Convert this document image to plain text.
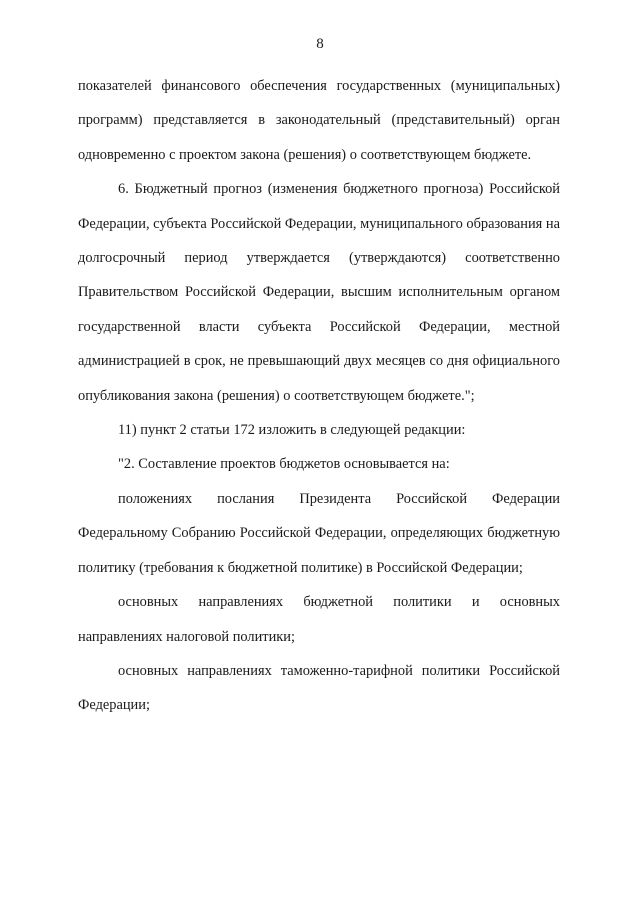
8

показателей финансового обеспечения государственных (муниципальных) программ) представляется в законодательный (представительный) орган одновременно с проектом закона (решения) о соответствующем бюджете.

6. Бюджетный прогноз (изменения бюджетного прогноза) Российской Федерации, субъекта Российской Федерации, муниципального образования на долгосрочный период утверждается (утверждаются) соответственно Правительством Российской Федерации, высшим исполнительным органом государственной власти субъекта Российской Федерации, местной администрацией в срок, не превышающий двух месяцев со дня официального опубликования закона (решения) о соответствующем бюджете.";

11) пункт 2 статьи 172 изложить в следующей редакции:

"2. Составление проектов бюджетов основывается на:

положениях послания Президента Российской Федерации Федеральному Собранию Российской Федерации, определяющих бюджетную политику (требования к бюджетной политике) в Российской Федерации;

основных направлениях бюджетной политики и основных направлениях налоговой политики;

основных направлениях таможенно-тарифной политики Российской Федерации;
